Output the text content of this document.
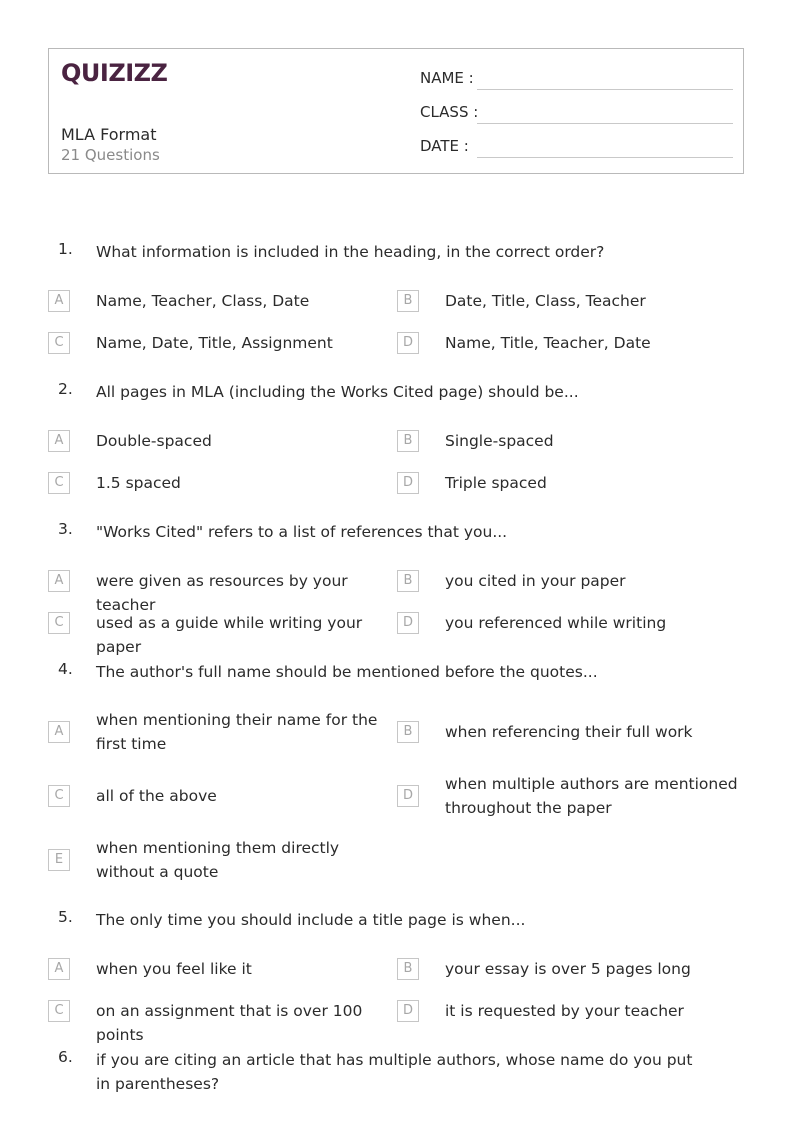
QUIZIZZ
MLA Format
21 Questions
NAME :
CLASS :
DATE :
1.	What information is included in the heading, in the correct order?
A	Name, Teacher, Class, Date	B	Date, Title, Class, Teacher
C	Name, Date, Title, Assignment	D	Name, Title, Teacher, Date
2.	All pages in MLA (including the Works Cited page) should be...
A	Double-spaced	B	Single-spaced
C	1.5 spaced	D	Triple spaced
3.	"Works Cited" refers to a list of references that you...
A	were given as resources by your teacher
B	you cited in your paper
C	used as a guide while writing your paper
D	you referenced while writing
4.	The author's full name should be mentioned before the quotes...
A
when mentioning their name for the first time
B	when referencing their full work
C	all of the above	D
when multiple authors are mentioned throughout the paper
E
when mentioning them directly without a quote
5.	The only time you should include a title page is when...
A	when you feel like it	B	your essay is over 5 pages long
C	on an assignment that is over 100 points
D	it is requested by your teacher
6.	if you are citing an article that has multiple authors, whose name do you put in parentheses?
